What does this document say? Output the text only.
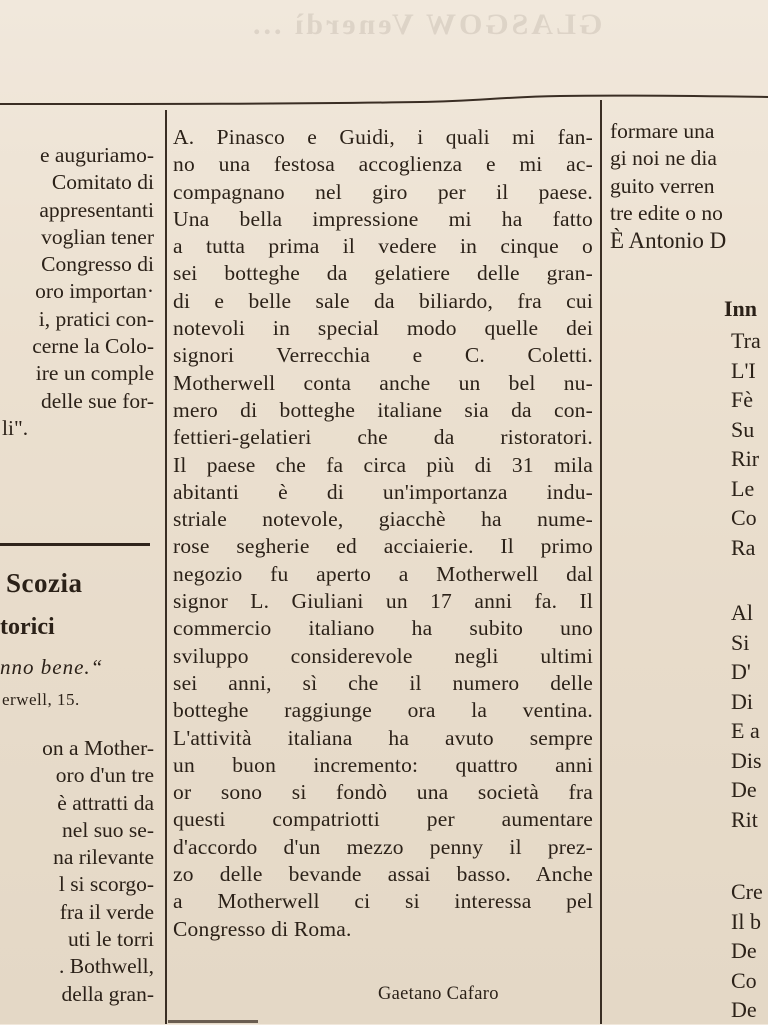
GLASGOW Venerdì ...
e auguriamo-
Comitato di
appresentanti
voglian tener
Congresso di
oro importan·
i, pratici con-
cerne la Colo-
ire un comple
delle sue for-
li".
Scozia
torici
nno bene.“
erwell, 15.
on a Mother-
oro d'un tre
è attratti da
nel suo se-
na rilevante
l si scorgo-
fra il verde
uti le torri
. Bothwell,
della gran-
A. Pinasco e Guidi, i quali mi fan-
no una festosa accoglienza e mi ac-
compagnano nel giro per il paese.
Una bella impressione mi ha fatto
a tutta prima il vedere in cinque o
sei botteghe da gelatiere delle gran-
di e belle sale da biliardo, fra cui
notevoli in special modo quelle dei
signori Verrecchia e C. Coletti.
Motherwell conta anche un bel nu-
mero di botteghe italiane sia da con-
fettieri-gelatieri che da ristoratori.
Il paese che fa circa più di 31 mila
abitanti è di un'importanza indu-
striale notevole, giacchè ha nume-
rose segherie ed acciaierie. Il primo
negozio fu aperto a Motherwell dal
signor L. Giuliani un 17 anni fa. Il
commercio italiano ha subito uno
sviluppo considerevole negli ultimi
sei anni, sì che il numero delle
botteghe raggiunge ora la ventina.
L'attività italiana ha avuto sempre
un buon incremento: quattro anni
or sono si fondò una società fra
questi compatriotti per aumentare
d'accordo d'un mezzo penny il prez-
zo delle bevande assai basso. Anche
a Motherwell ci si interessa pel
Congresso di Roma.
Gaetano Cafaro
formare una
gi noi ne dia
guito verren
tre edite o no
È Antonio D
Inn
Tra
L'I
Fè
Su
Rir
Le
Co
Ra
Al
Si
D'
Di
E a
Dis
De
Rit
Cre
Il b
De
Co
De
